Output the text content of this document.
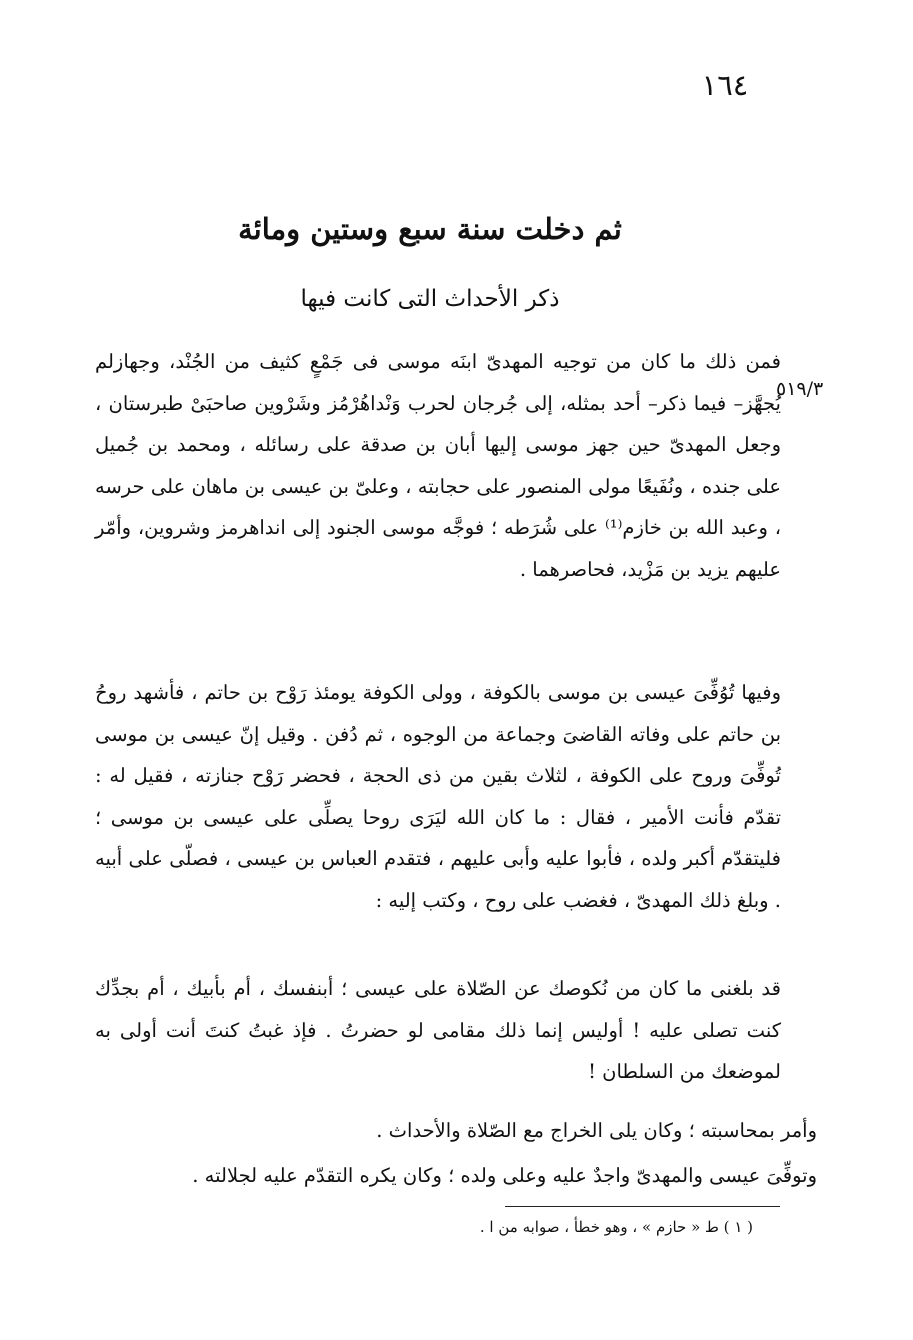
١٦٤
ثم دخلت سنة سبع وستين ومائة
ذكر الأحداث التى كانت فيها
٥١٩/٣
فمن ذلك ما كان من توجيه المهدىّ ابنَه موسى فى جَمْعٍ كثيف من الجُنْد، وجهازلم يُجهَّز– فيما ذكر– أحد بمثله، إلى جُرجان لحرب وَنْداهُرْمُز وشَرْوين صاحبَىْ طبرستان ، وجعل المهدىّ حين جهز موسى إليها أبان بن صدقة على رسائله ، ومحمد بن جُميل على جنده ، ونُفَيعًا مولى المنصور على حجابته ، وعلىّ بن عيسى بن ماهان على حرسه ، وعبد الله بن خازم⁽¹⁾ على شُرَطه ؛ فوجَّه موسى الجنود إلى انداهرمز وشروين، وأمّر عليهم يزيد بن مَزْيد، فحاصرهما .
وفيها تُوُفِّىَ عيسى بن موسى بالكوفة ، وولى الكوفة يومئذ رَوْح بن حاتم ، فأشهد روحُ بن حاتم على وفاته القاضىَ وجماعة من الوجوه ، ثم دُفن . وقيل إنّ عيسى بن موسى تُوفِّىَ وروح على الكوفة ، لثلاث بقين من ذى الحجة ، فحضر رَوْح جنازته ، فقيل له : تقدّم فأنت الأمير ، فقال : ما كان الله ليَرَى روحا يصلِّى على عيسى بن موسى ؛ فليتقدّم أكبر ولده ، فأبوا عليه وأبى عليهم ، فتقدم العباس بن عيسى ، فصلّى على أبيه . وبلغ ذلك المهدىّ ، فغضب على روح ، وكتب إليه :
قد بلغنى ما كان من نُكوصك عن الصّلاة على عيسى ؛ أبنفسك ، أم بأبيك ، أم بجدِّك كنت تصلى عليه ! أوليس إنما ذلك مقامى لو حضرتُ . فإذ غبتُ كنتَ أنت أولى به لموضعك من السلطان !
وأمر بمحاسبته ؛ وكان يلى الخراج مع الصّلاة والأحداث .
وتوفِّىَ عيسى والمهدىّ واجدٌ عليه وعلى ولده ؛ وكان يكره التقدّم عليه لجلالته .
( ١ ) ط « حازم » ، وهو خطأ ، صوابه من ا .
